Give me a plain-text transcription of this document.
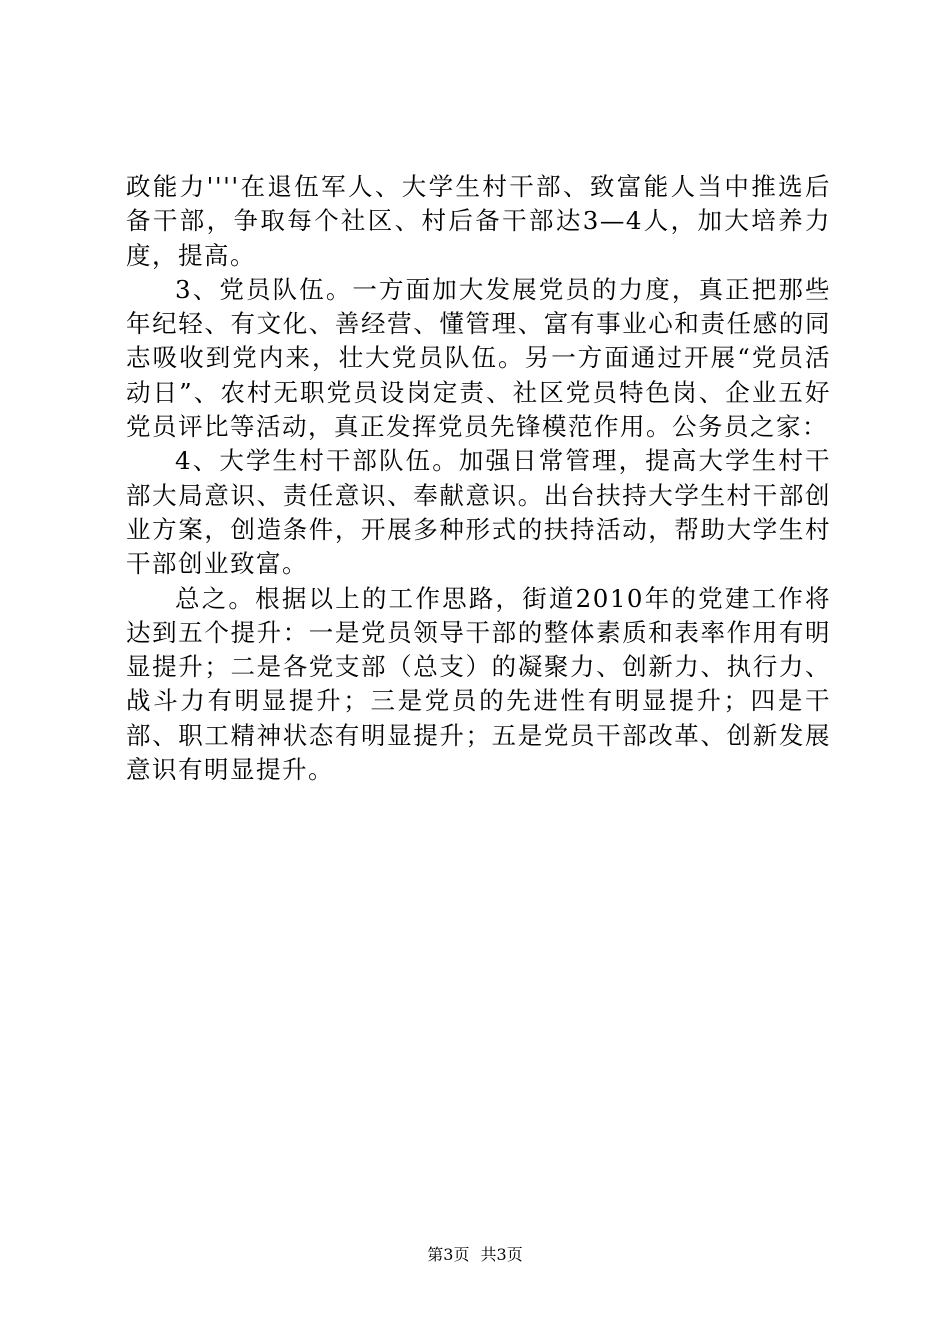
政能力''''在退伍军人、大学生村干部、致富能人当中推选后备干部，争取每个社区、村后备干部达3—4人，加大培养力度，提高。

3、党员队伍。一方面加大发展党员的力度，真正把那些年纪轻、有文化、善经营、懂管理、富有事业心和责任感的同志吸收到党内来，壮大党员队伍。另一方面通过开展“党员活动日”、农村无职党员设岗定责、社区党员特色岗、企业五好党员评比等活动，真正发挥党员先锋模范作用。公务员之家：

4、大学生村干部队伍。加强日常管理，提高大学生村干部大局意识、责任意识、奉献意识。出台扶持大学生村干部创业方案，创造条件，开展多种形式的扶持活动，帮助大学生村干部创业致富。

总之。根据以上的工作思路，街道2010年的党建工作将达到五个提升：一是党员领导干部的整体素质和表率作用有明显提升；二是各党支部（总支）的凝聚力、创新力、执行力、战斗力有明显提升；三是党员的先进性有明显提升；四是干部、职工精神状态有明显提升；五是党员干部改革、创新发展意识有明显提升。

第3页 共3页
